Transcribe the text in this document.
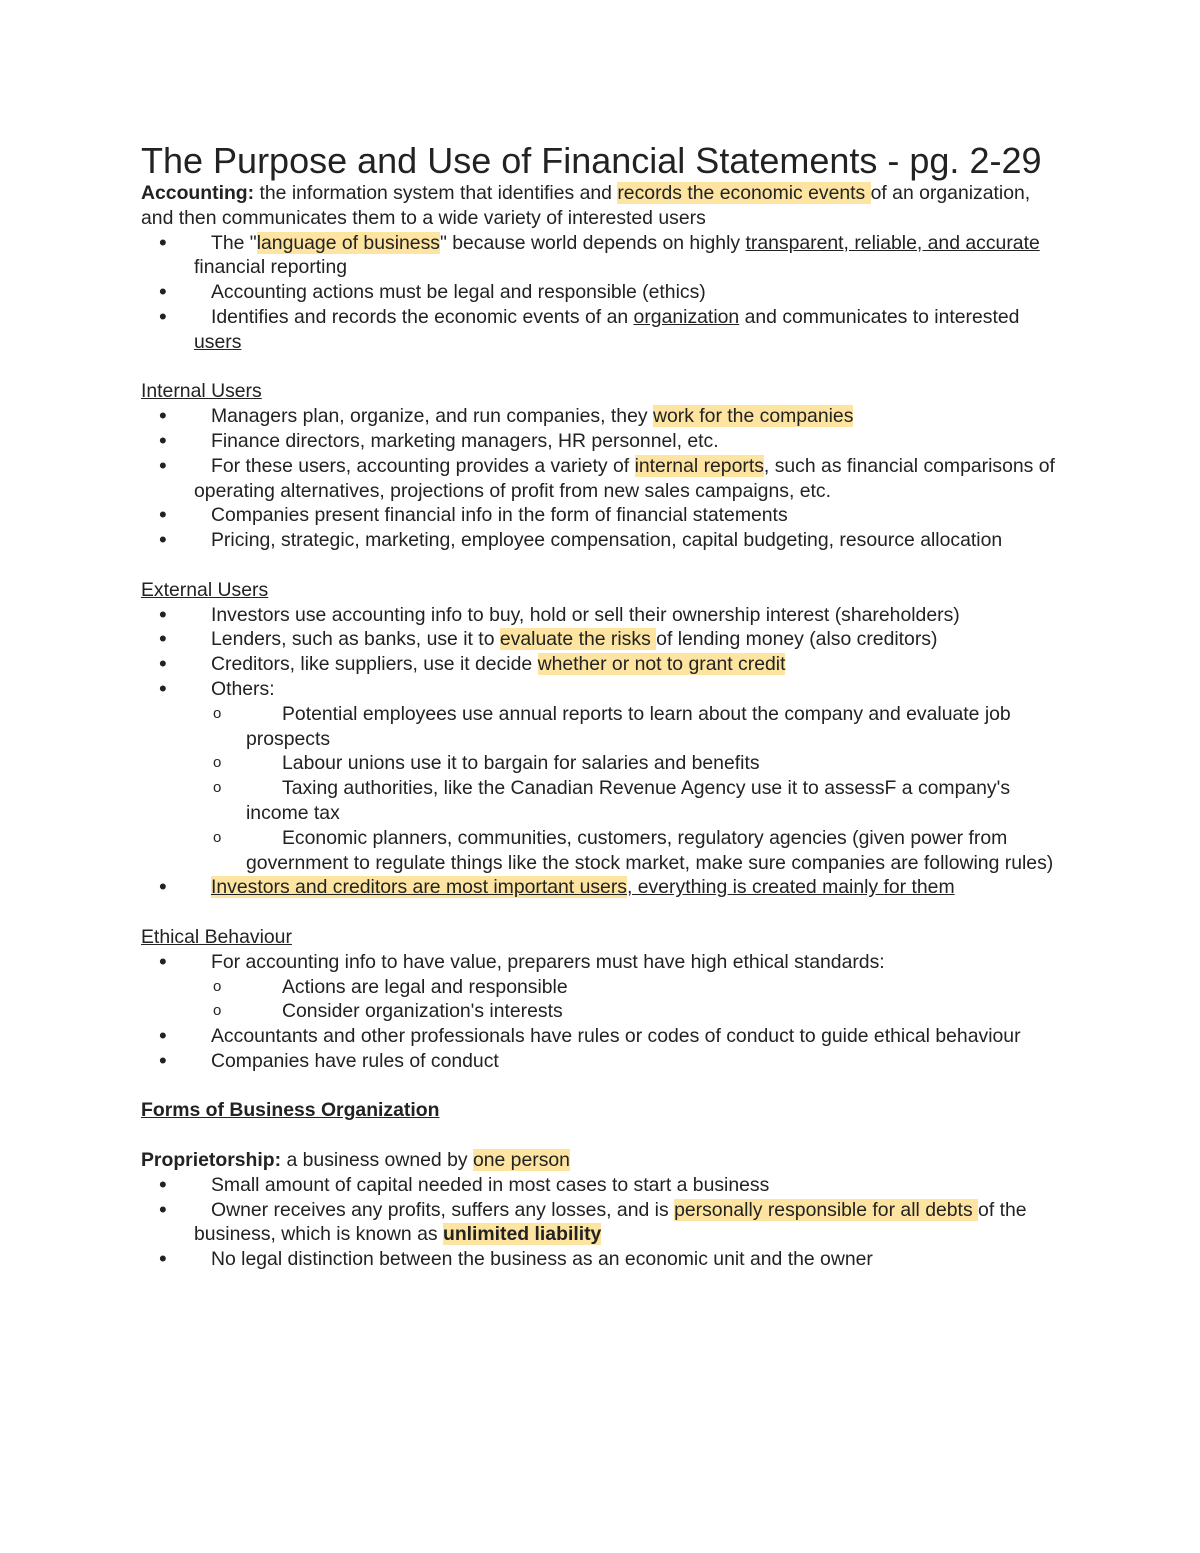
The Purpose and Use of Financial Statements - pg. 2-29

Accounting: the information system that identifies and records the economic events of an organization, and then communicates them to a wide variety of interested users

• The "language of business" because world depends on highly transparent, reliable, and accurate financial reporting
• Accounting actions must be legal and responsible (ethics)
• Identifies and records the economic events of an organization and communicates to interested users

Internal Users

• Managers plan, organize, and run companies, they work for the companies
• Finance directors, marketing managers, HR personnel, etc.
• For these users, accounting provides a variety of internal reports, such as financial comparisons of operating alternatives, projections of profit from new sales campaigns, etc.
• Companies present financial info in the form of financial statements
• Pricing, strategic, marketing, employee compensation, capital budgeting, resource allocation

External Users

• Investors use accounting info to buy, hold or sell their ownership interest (shareholders)
• Lenders, such as banks, use it to evaluate the risks of lending money (also creditors)
• Creditors, like suppliers, use it decide whether or not to grant credit
• Others:
o Potential employees use annual reports to learn about the company and evaluate job prospects
o Labour unions use it to bargain for salaries and benefits
o Taxing authorities, like the Canadian Revenue Agency use it to assessF a company's income tax
o Economic planners, communities, customers, regulatory agencies (given power from government to regulate things like the stock market, make sure companies are following rules)
• Investors and creditors are most important users, everything is created mainly for them

Ethical Behaviour

• For accounting info to have value, preparers must have high ethical standards:
o Actions are legal and responsible
o Consider organization's interests
• Accountants and other professionals have rules or codes of conduct to guide ethical behaviour
• Companies have rules of conduct

Forms of Business Organization

Proprietorship: a business owned by one person

• Small amount of capital needed in most cases to start a business
• Owner receives any profits, suffers any losses, and is personally responsible for all debts of the business, which is known as unlimited liability
• No legal distinction between the business as an economic unit and the owner
